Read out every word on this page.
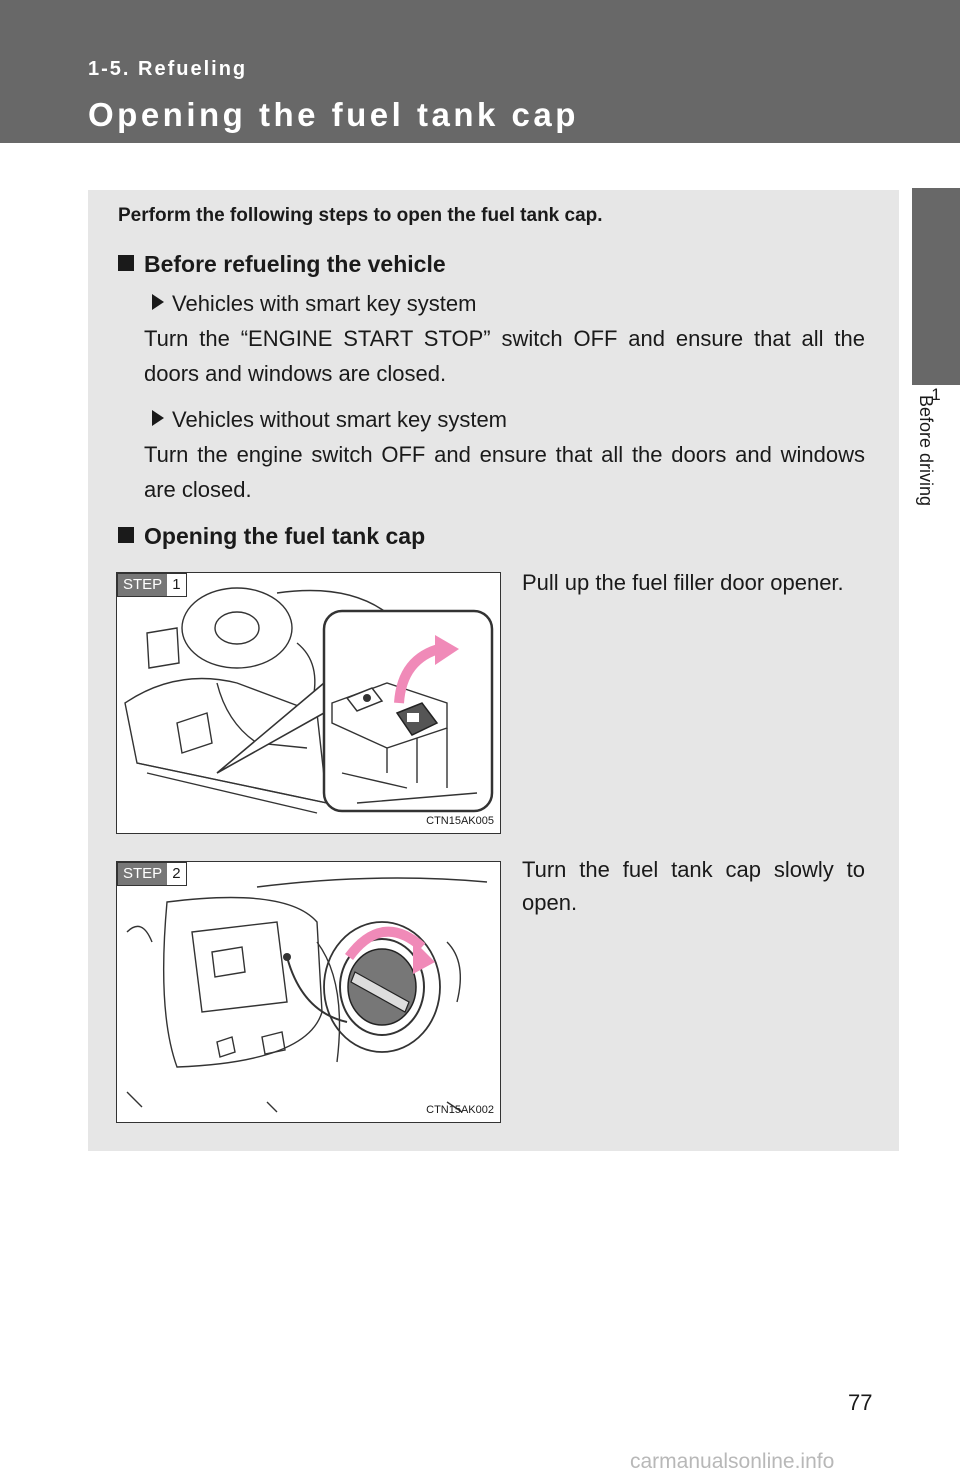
1-5. Refueling
Opening the fuel tank cap
1
Before driving
Perform the following steps to open the fuel tank cap.
Before refueling the vehicle
Vehicles with smart key system
Turn the “ENGINE START STOP” switch OFF and ensure that all the doors and windows are closed.
Vehicles without smart key system
Turn the engine switch OFF and ensure that all the doors and windows are closed.
Opening the fuel tank cap
STEP 1
CTN15AK005
Pull up the fuel filler door opener.
STEP 2
CTN15AK002
Turn the fuel tank cap slowly to open.
77
carmanualsonline.info
